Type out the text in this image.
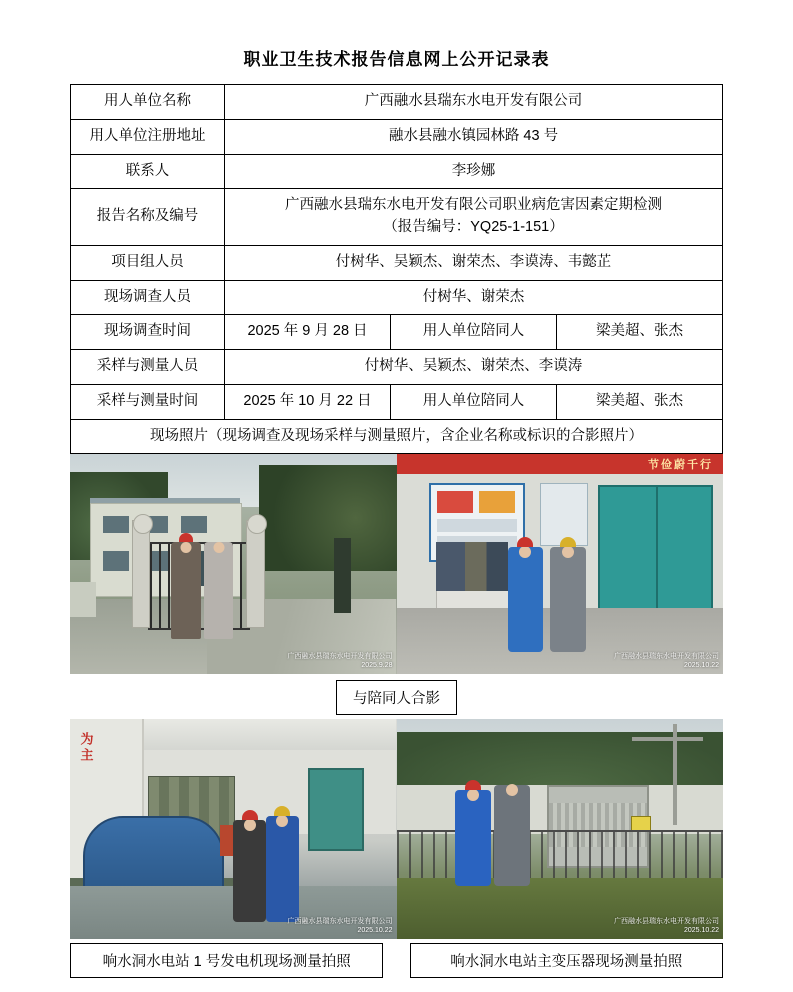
职业卫生技术报告信息网上公开记录表
用人单位名称	广西融水县瑞东水电开发有限公司		
用人单位注册地址	融水县融水镇园林路 43 号		
联系人	李珍娜		
报告名称及编号	广西融水县瑞东水电开发有限公司职业病危害因素定期检测
（报告编号：YQ25-1-151）		

项目组人员	付树华、吴颖杰、谢荣杰、李谟涛、韦懿芷		
现场调查人员	付树华、谢荣杰		
现场调查时间	2025 年 9 月 28 日	用人单位陪同人	梁美超、张杰
采样与测量人员	付树华、吴颖杰、谢荣杰、李谟涛		
采样与测量时间	2025 年 10 月 22 日	用人单位陪同人	梁美超、张杰
现场照片（现场调查及现场采样与测量照片，含企业名称或标识的合影照片）			
广西融水县瑞东水电开发有限公司
2025.9.28
节俭蔚千行
广西融水县瑞东水电开发有限公司
2025.10.22
与陪同人合影
为主
广西融水县瑞东水电开发有限公司
2025.10.22
广西融水县瑞东水电开发有限公司
2025.10.22
响水洞水电站 1 号发电机现场测量拍照	响水洞水电站主变压器现场测量拍照
